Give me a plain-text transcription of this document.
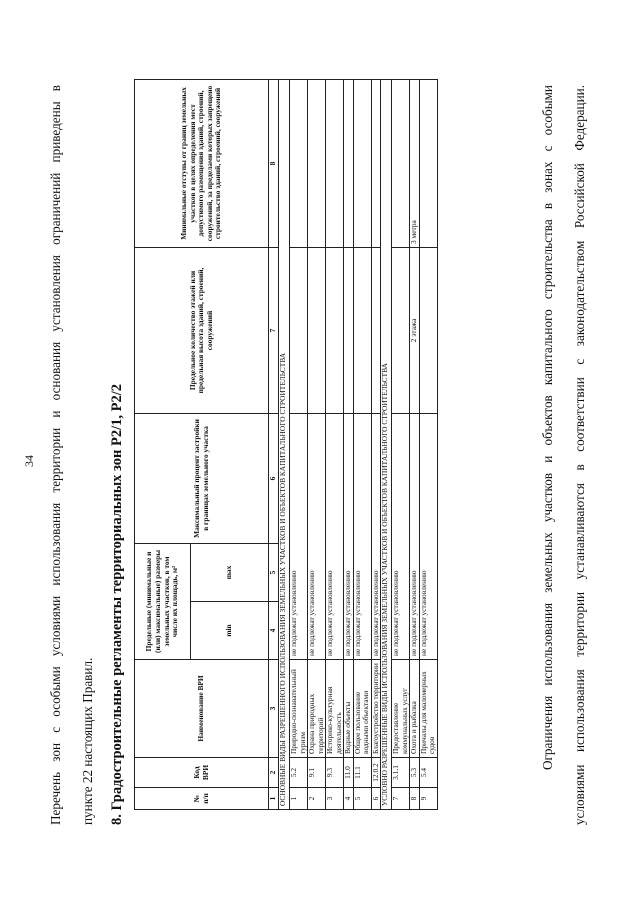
34 Перечень зон с особыми условиями использования территории и основания установления ограничений приведены в	пункте 22 настоящих Правил. 8. Градостроительные регламенты территориальных зон Р2/1, Р2/2	№ п/п	Код ВРИ	Наименование ВРИ	Предельные (минимальные и (или) максимальные) размеры земельных участков, в том числе их площадь, м²		Максимальный процент застройки в границах земельного участка	Предельное количество этажей или предельная высота зданий, строений, сооружений	Минимальные отступы от границ земельных участков в целях определения мест допустимого размещения зданий, строений, сооружений, за пределами которых запрещено строительство зданий, строений, сооружений
			min	max			
1	2	3	4	5	6	7	8
ОСНОВНЫЕ ВИДЫ РАЗРЕШЕННОГО ИСПОЛЬЗОВАНИЯ ЗЕМЕЛЬНЫХ УЧАСТКОВ И ОБЪЕКТОВ КАПИТАЛЬНОГО СТРОИТЕЛЬСТВА							
1	5.2	Природно-познавательный туризм	не подлежат установлению				
2	9.1	Охрана природных территорий	не подлежат установлению				
3	9.3	Историко-культурная деятельность	не подлежат установлению				
4	11.0	Водные объекты	не подлежат установлению				
5	11.1	Общее пользование водными объектами	не подлежат установлению				
6	12.0.2	Благоустройство территории	не подлежат установлению				
УСЛОВНО РАЗРЕШЕННЫЕ ВИДЫ ИСПОЛЬЗОВАНИЯ ЗЕМЕЛЬНЫХ УЧАСТКОВ И ОБЪЕКТОВ КАПИТАЛЬНОГО СТРОИТЕЛЬСТВА							
7	3.1.1	Предоставление коммунальных услуг	не подлежат установлению				
8	5.3	Охота и рыбалка	не подлежат установлению			2 этажа	3 метра
9	5.4	Причалы для маломерных судов	не подлежат установлению					Ограничения использования земельных участков и объектов капитального строительства в зонах с особыми	условиями использования территории устанавливаются в соответствии с законодательством Российской Федерации.
